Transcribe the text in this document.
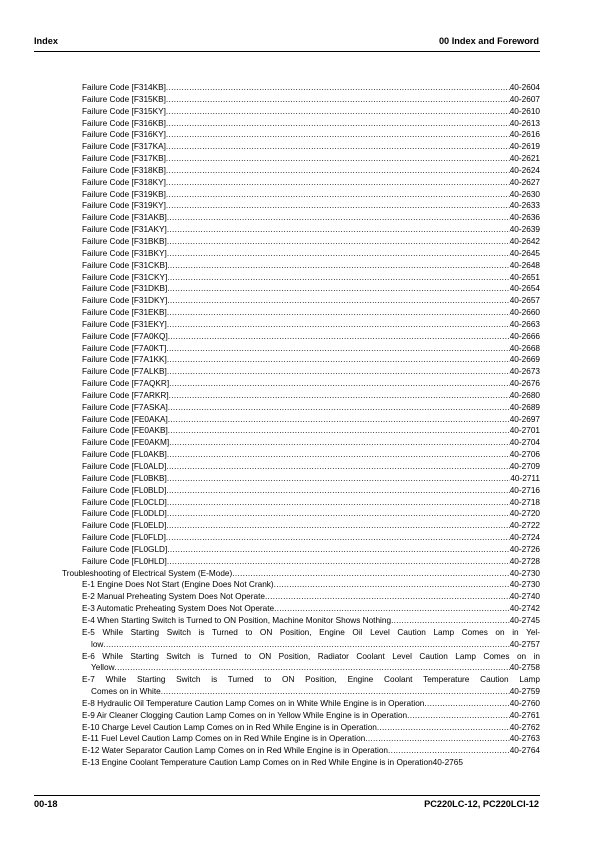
Index	00 Index and Foreword
Failure Code [F314KB] .....	40-2604
Failure Code [F315KB] .....	40-2607
Failure Code [F315KY] .....	40-2610
Failure Code [F316KB] .....	40-2613
Failure Code [F316KY] .....	40-2616
Failure Code [F317KA] .....	40-2619
Failure Code [F317KB] .....	40-2621
Failure Code [F318KB] .....	40-2624
Failure Code [F318KY] .....	40-2627
Failure Code [F319KB] .....	40-2630
Failure Code [F319KY] .....	40-2633
Failure Code [F31AKB] .....	40-2636
Failure Code [F31AKY] .....	40-2639
Failure Code [F31BKB] .....	40-2642
Failure Code [F31BKY] .....	40-2645
Failure Code [F31CKB] .....	40-2648
Failure Code [F31CKY] .....	40-2651
Failure Code [F31DKB] .....	40-2654
Failure Code [F31DKY] .....	40-2657
Failure Code [F31EKB] .....	40-2660
Failure Code [F31EKY] .....	40-2663
Failure Code [F7A0KQ] .....	40-2666
Failure Code [F7A0KT] .....	40-2668
Failure Code [F7A1KK] .....	40-2669
Failure Code [F7ALKB] .....	40-2673
Failure Code [F7AQKR] .....	40-2676
Failure Code [F7ARKR] .....	40-2680
Failure Code [F7ASKA] .....	40-2689
Failure Code [FE0AKA] .....	40-2697
Failure Code [FE0AKB] .....	40-2701
Failure Code [FE0AKM] .....	40-2704
Failure Code [FL0AKB] .....	40-2706
Failure Code [FL0ALD] .....	40-2709
Failure Code [FL0BKB] .....	40-2711
Failure Code [FL0BLD] .....	40-2716
Failure Code [FL0CLD] .....	40-2718
Failure Code [FL0DLD] .....	40-2720
Failure Code [FL0ELD] .....	40-2722
Failure Code [FL0FLD] .....	40-2724
Failure Code [FL0GLD] .....	40-2726
Failure Code [FL0HLD] .....	40-2728
Troubleshooting of Electrical System (E-Mode) .....	40-2730
E-1 Engine Does Not Start (Engine Does Not Crank) .....	40-2730
E-2 Manual Preheating System Does Not Operate .....	40-2740
E-3 Automatic Preheating System Does Not Operate .....	40-2742
E-4 When Starting Switch is Turned to ON Position, Machine Monitor Shows Nothing .....	40-2745
E-5 While Starting Switch is Turned to ON Position, Engine Oil Level Caution Lamp Comes on in Yel-
low .....	40-2757
E-6 While Starting Switch is Turned to ON Position, Radiator Coolant Level Caution Lamp Comes on in
Yellow .....	40-2758
E-7 While Starting Switch is Turned to ON Position, Engine Coolant Temperature Caution Lamp
Comes on in White .....	40-2759
E-8 Hydraulic Oil Temperature Caution Lamp Comes on in White While Engine is in Operation .....	40-2760
E-9 Air Cleaner Clogging Caution Lamp Comes on in Yellow While Engine is in Operation .....	40-2761
E-10 Charge Level Caution Lamp Comes on in Red While Engine is in Operation .....	40-2762
E-11 Fuel Level Caution Lamp Comes on in Red While Engine is in Operation .....	40-2763
E-12 Water Separator Caution Lamp Comes on in Red While Engine is in Operation .....	40-2764
E-13 Engine Coolant Temperature Caution Lamp Comes on in Red While Engine is in Operation 40-2765
00-18	PC220LC-12, PC220LCI-12
